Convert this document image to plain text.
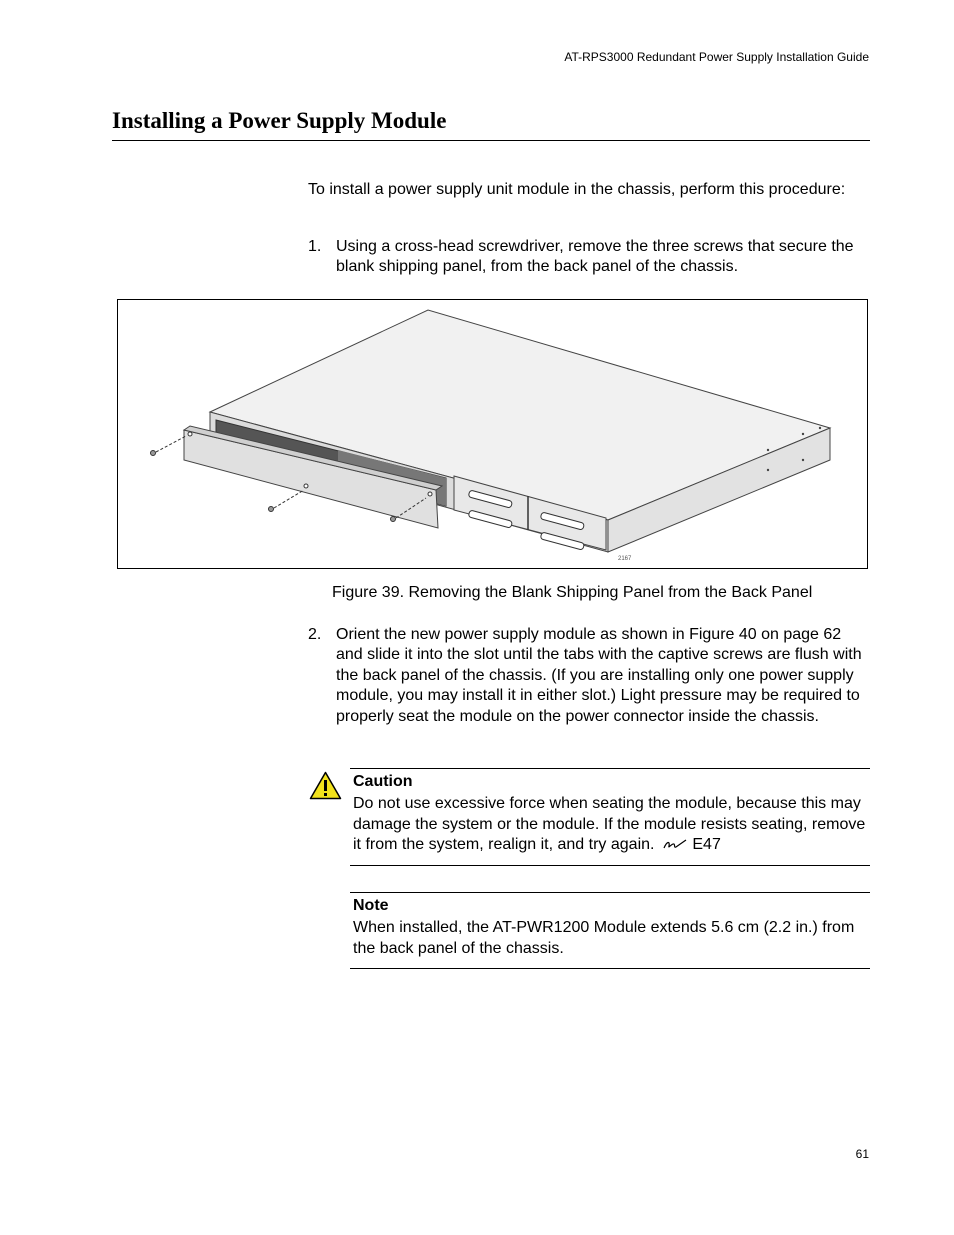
AT-RPS3000 Redundant Power Supply Installation Guide
Installing a Power Supply Module

To install a power supply unit module in the chassis, perform this procedure:

1. Using a cross-head screwdriver, remove the three screws that secure the blank shipping panel, from the back panel of the chassis.
2167
Figure 39. Removing the Blank Shipping Panel from the Back Panel
2. Orient the new power supply module as shown in Figure 40 on page 62 and slide it into the slot until the tabs with the captive screws are flush with the back panel of the chassis. (If you are installing only one power supply module, you may install it in either slot.) Light pressure may be required to properly seat the module on the power connector inside the chassis.
Caution
Do not use excessive force when seating the module, because this may damage the system or the module. If the module resists seating, remove it from the system, realign it, and try again. E47
Note
When installed, the AT-PWR1200 Module extends 5.6 cm (2.2 in.) from the back panel of the chassis.
61
